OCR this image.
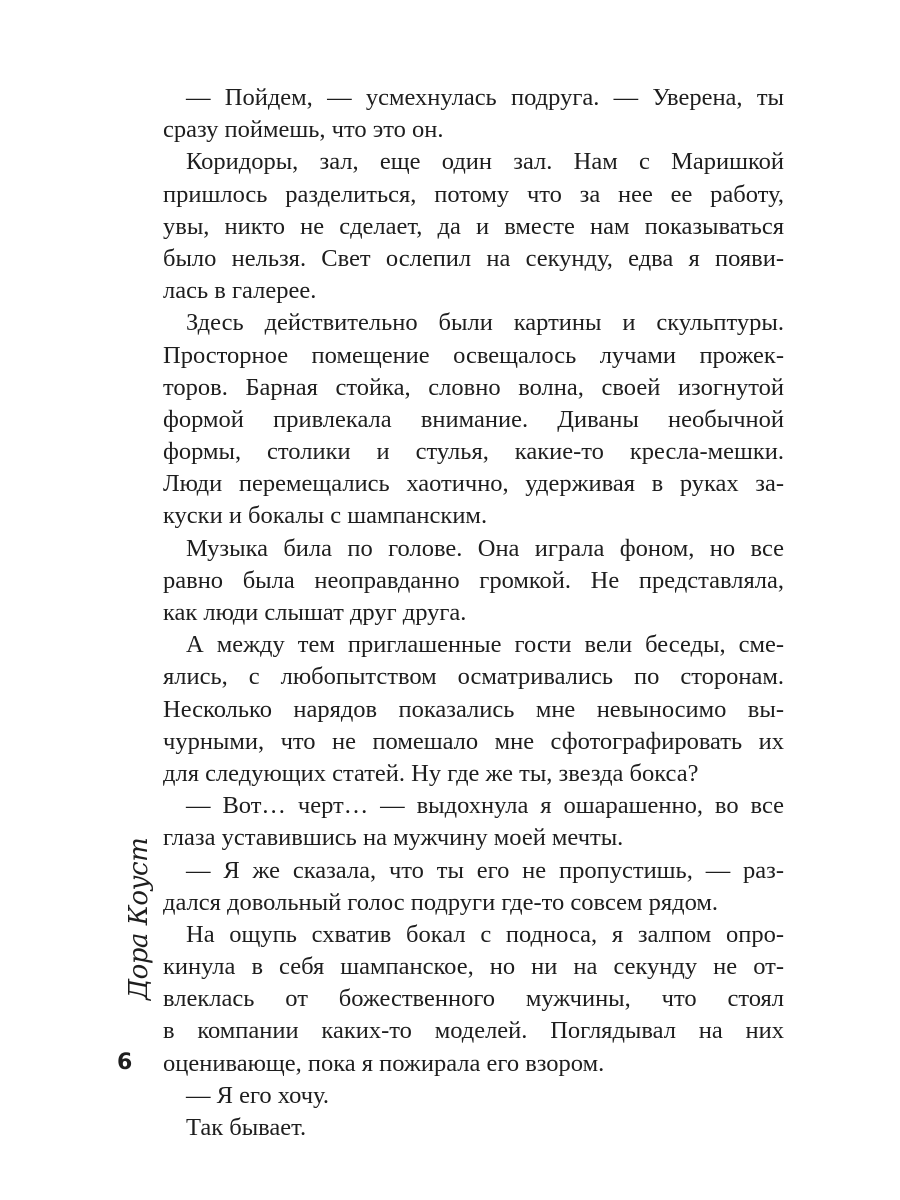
— Пойдем, — усмехнулась подруга. — Уверена, ты
сразу поймешь, что это он.
Коридоры, зал, еще один зал. Нам с Маришкой
пришлось разделиться, потому что за нее ее работу,
увы, никто не сделает, да и вместе нам показываться
было нельзя. Свет ослепил на секунду, едва я появи-
лась в галерее.
Здесь действительно были картины и скульптуры.
Просторное помещение освещалось лучами прожек-
торов. Барная стойка, словно волна, своей изогнутой
формой привлекала внимание. Диваны необычной
формы, столики и стулья, какие-то кресла-мешки.
Люди перемещались хаотично, удерживая в руках за-
куски и бокалы с шампанским.
Музыка била по голове. Она играла фоном, но все
равно была неоправданно громкой. Не представляла,
как люди слышат друг друга.
А между тем приглашенные гости вели беседы, сме-
ялись, с любопытством осматривались по сторонам.
Несколько нарядов показались мне невыносимо вы-
чурными, что не помешало мне сфотографировать их
для следующих статей. Ну где же ты, звезда бокса?
— Вот… черт… — выдохнула я ошарашенно, во все
глаза уставившись на мужчину моей мечты.
— Я же сказала, что ты его не пропустишь, — раз-
дался довольный голос подруги где-то совсем рядом.
На ощупь схватив бокал с подноса, я залпом опро-
кинула в себя шампанское, но ни на секунду не от-
влеклась от божественного мужчины, что стоял
в компании каких-то моделей. Поглядывал на них
оценивающе, пока я пожирала его взором.
— Я его хочу.
Так бывает.
Дора Коуст
6
